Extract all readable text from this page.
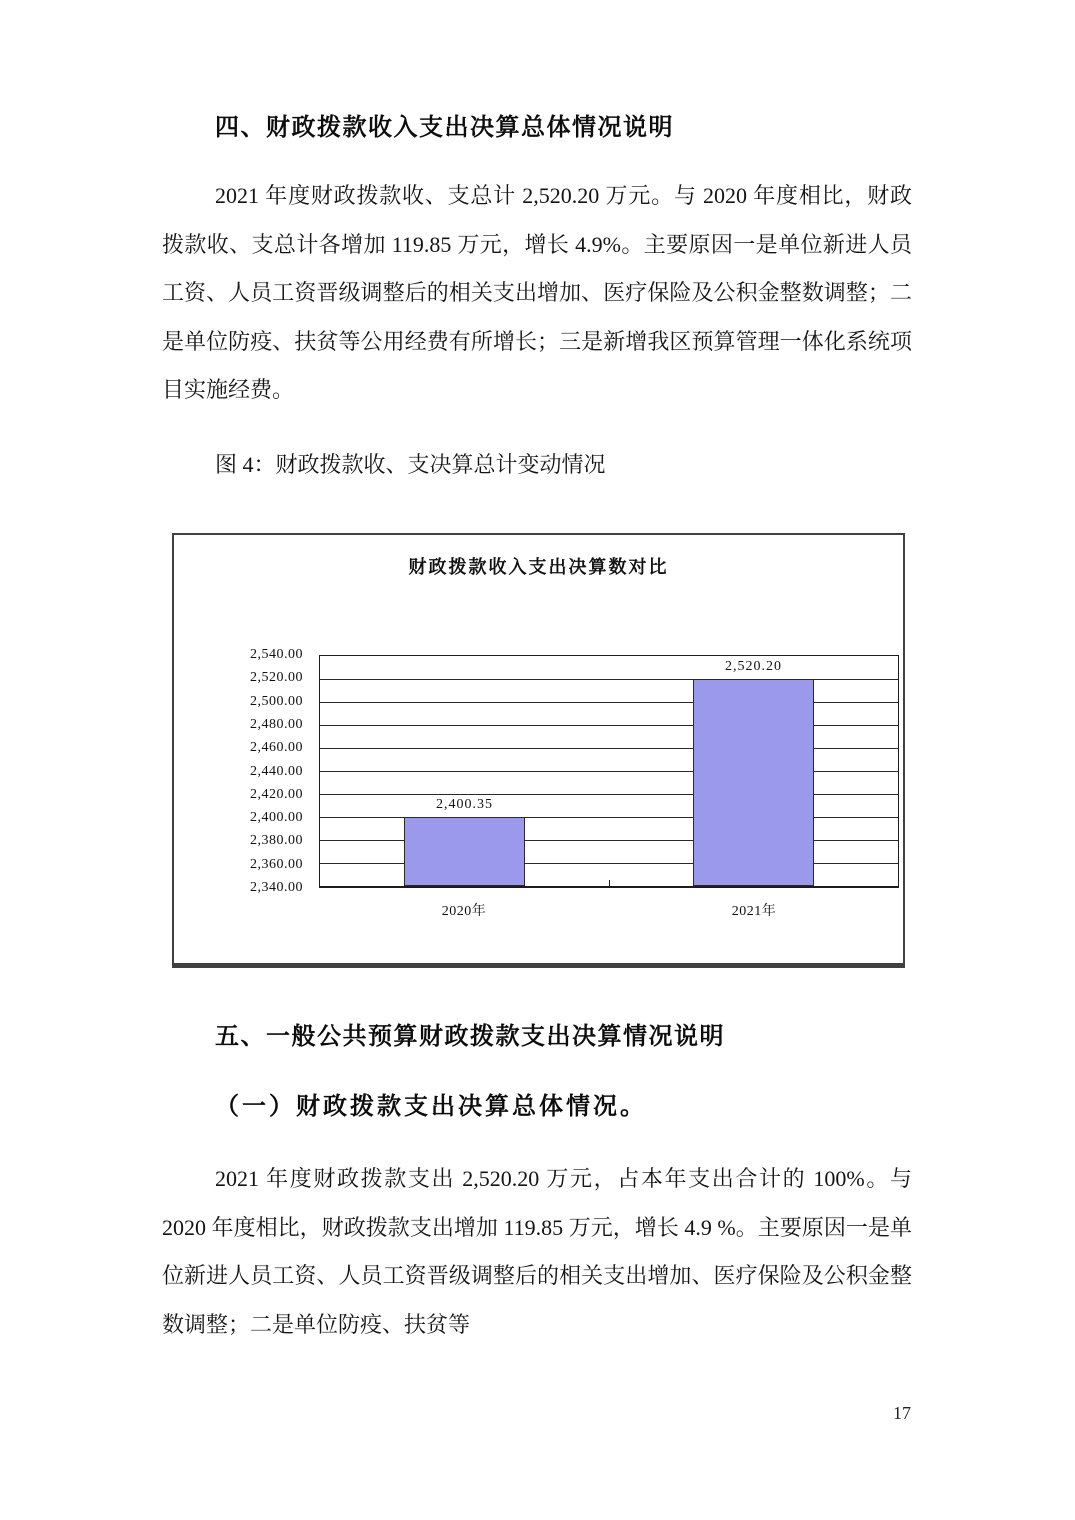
四、财政拨款收入支出决算总体情况说明

2021 年度财政拨款收、支总计 2,520.20 万元。与 2020 年度相比，财政拨款收、支总计各增加 119.85 万元，增长 4.9%。主要原因一是单位新进人员工资、人员工资晋级调整后的相关支出增加、医疗保险及公积金整数调整；二是单位防疫、扶贫等公用经费有所增长；三是新增我区预算管理一体化系统项目实施经费。

图 4：财政拨款收、支决算总计变动情况
财政拨款收入支出决算数对比
2,540.00
2,520.00
2,500.00
2,480.00
2,460.00
2,440.00
2,420.00
2,400.00
2,380.00
2,360.00
2,340.00
2,400.35
2,520.20
2020年	2021年
五、一般公共预算财政拨款支出决算情况说明
（一）财政拨款支出决算总体情况。

2021 年度财政拨款支出 2,520.20 万元，占本年支出合计的 100%。与 2020 年度相比，财政拨款支出增加 119.85 万元，增长 4.9 %。主要原因一是单位新进人员工资、人员工资晋级调整后的相关支出增加、医疗保险及公积金整数调整；二是单位防疫、扶贫等

17
